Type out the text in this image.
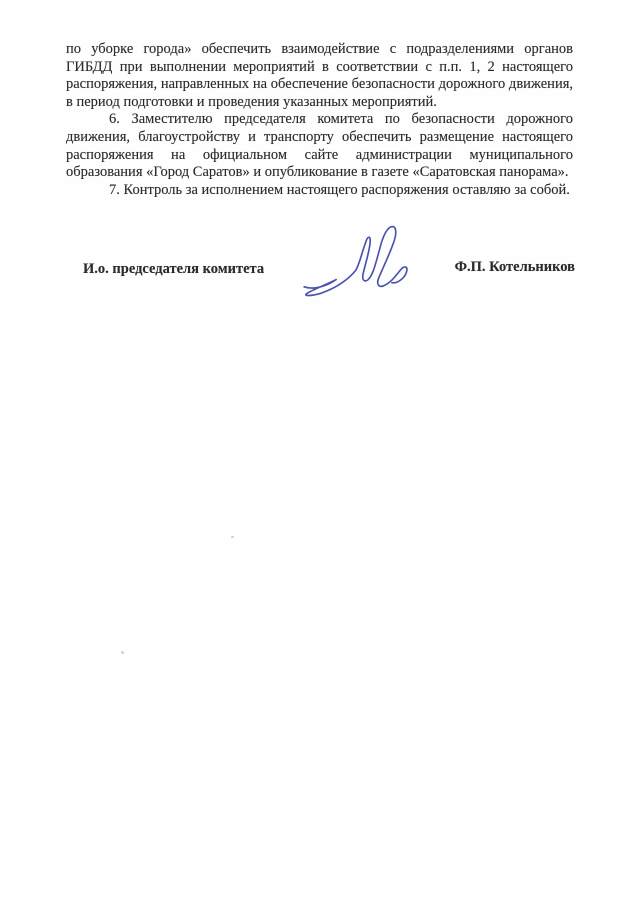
по уборке города» обеспечить взаимодействие с подразделениями органов ГИБДД при выполнении мероприятий в соответствии с п.п. 1, 2 настоящего распоряжения, направленных на обеспечение безопасности дорожного движения, в период подготовки и проведения указанных мероприятий.

6. Заместителю председателя комитета по безопасности дорожного движения, благоустройству и транспорту обеспечить размещение настоящего распоряжения на официальном сайте администрации муниципального образования «Город Саратов» и опубликование в газете «Саратовская панорама».

7. Контроль за исполнением настоящего распоряжения оставляю за собой.

И.о. председателя комитета	Ф.П. Котельников
